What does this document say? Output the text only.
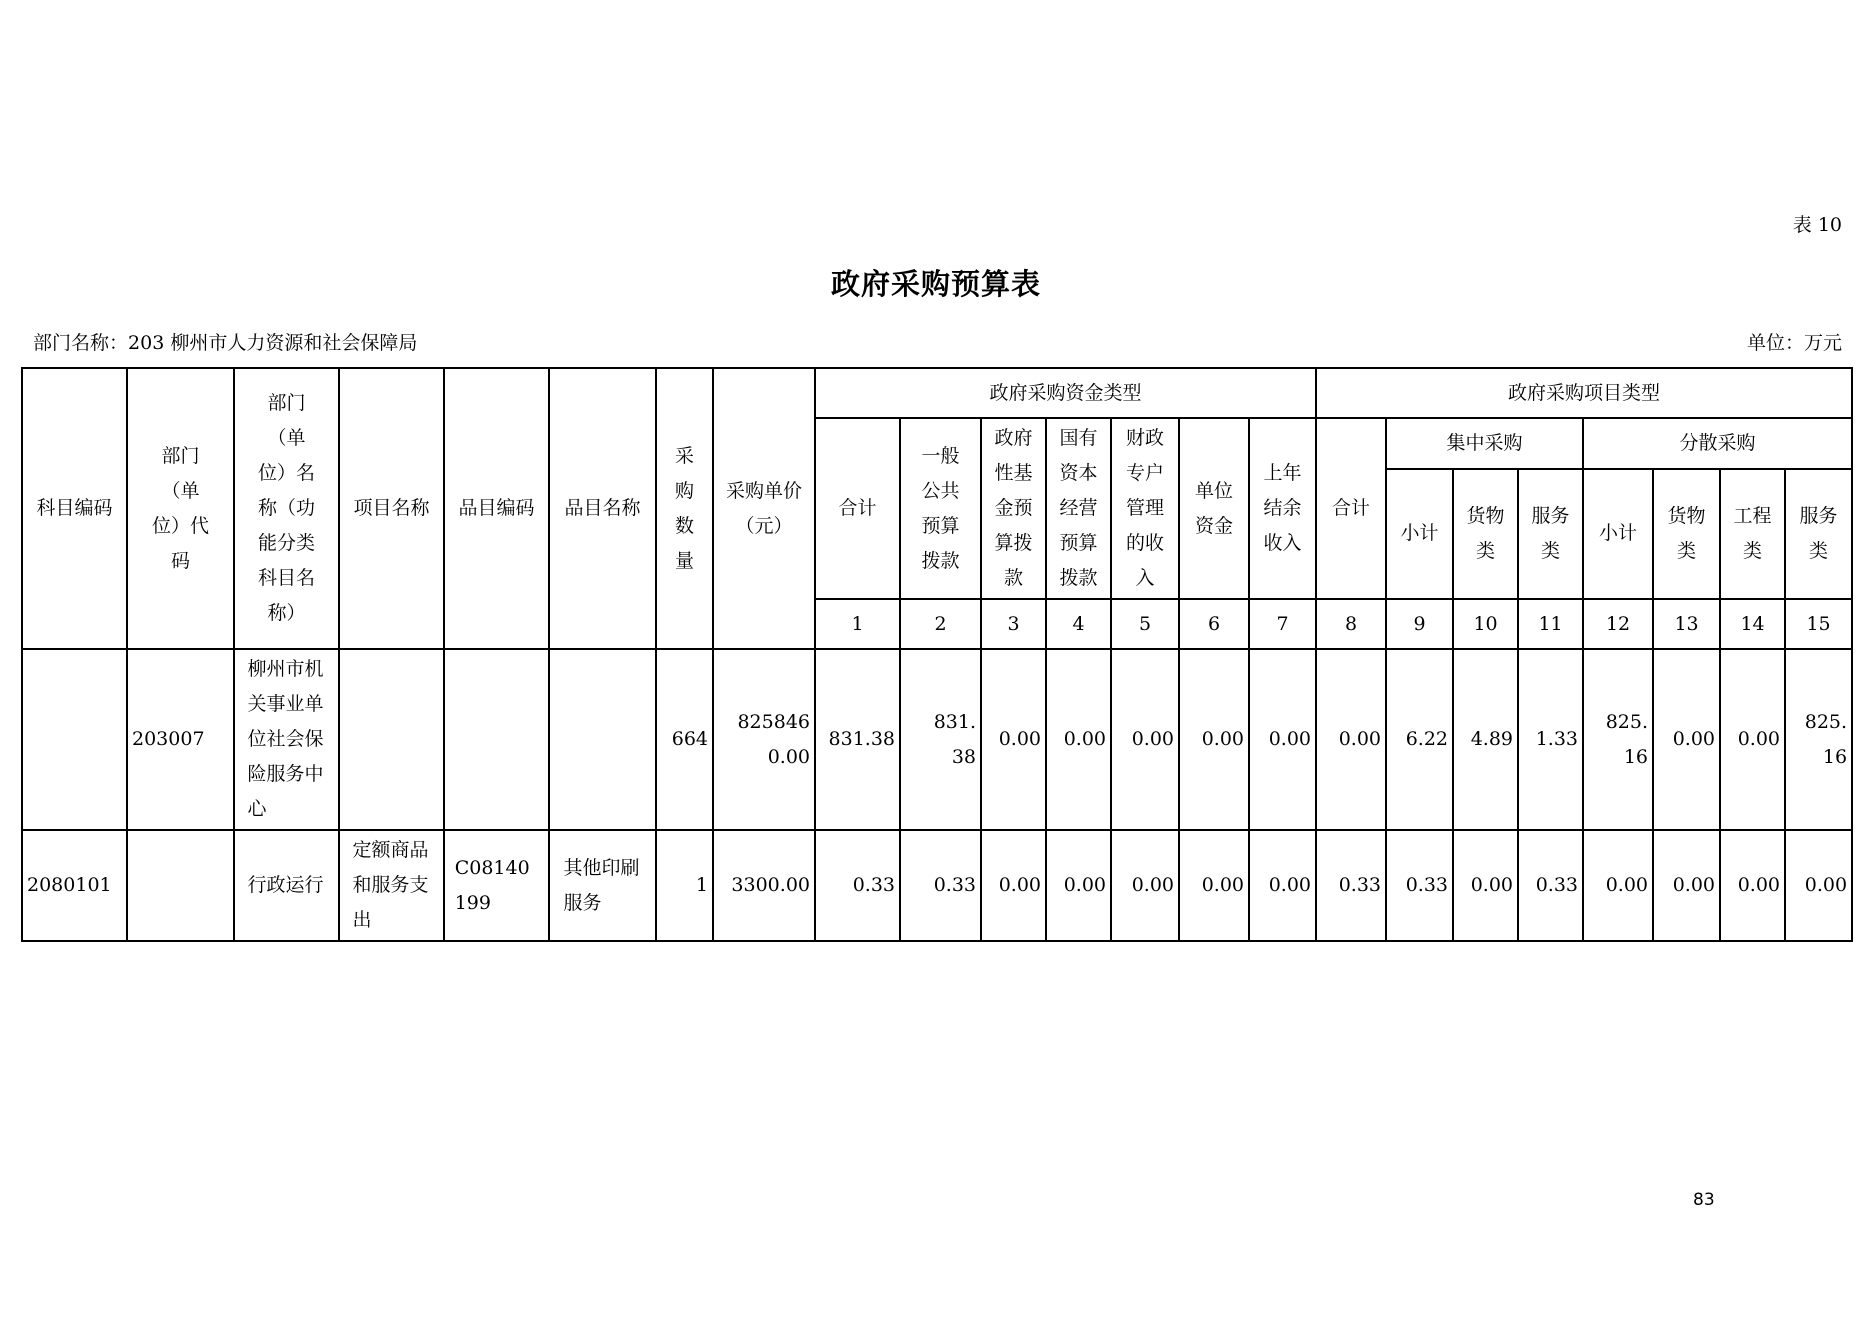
表 10
政府采购预算表
部门名称：203 柳州市人力资源和社会保障局	单位：万元
科目编码	部门（单位）代码	部门（单位）名称（功能分类科目名称）	项目名称	品目编码	品目名称	采购数量	采购单价（元）	政府采购资金类型							政府采购项目类型							
								合计	一般公共预算拨款	政府性基金预算拨款	国有资本经营预算拨款	财政专户管理的收入	单位资金	上年结余收入	合计	集中采购			分散采购			
																小计	货物类	服务类	小计	货物类	工程类	服务类
								1	2	3	4	5	6	7	8	9	10	11	12	13	14	15
	203007	柳州市机关事业单位社会保险服务中心				664	8258460.00	831.38	831.38	0.00	0.00	0.00	0.00	0.00	0.00	6.22	4.89	1.33	825.16	0.00	0.00	825.16
2080101		行政运行	定额商品和服务支出	C08140199	其他印刷服务	1	3300.00	0.33	0.33	0.00	0.00	0.00	0.00	0.00	0.33	0.33	0.00	0.33	0.00	0.00	0.00	0.00
83
